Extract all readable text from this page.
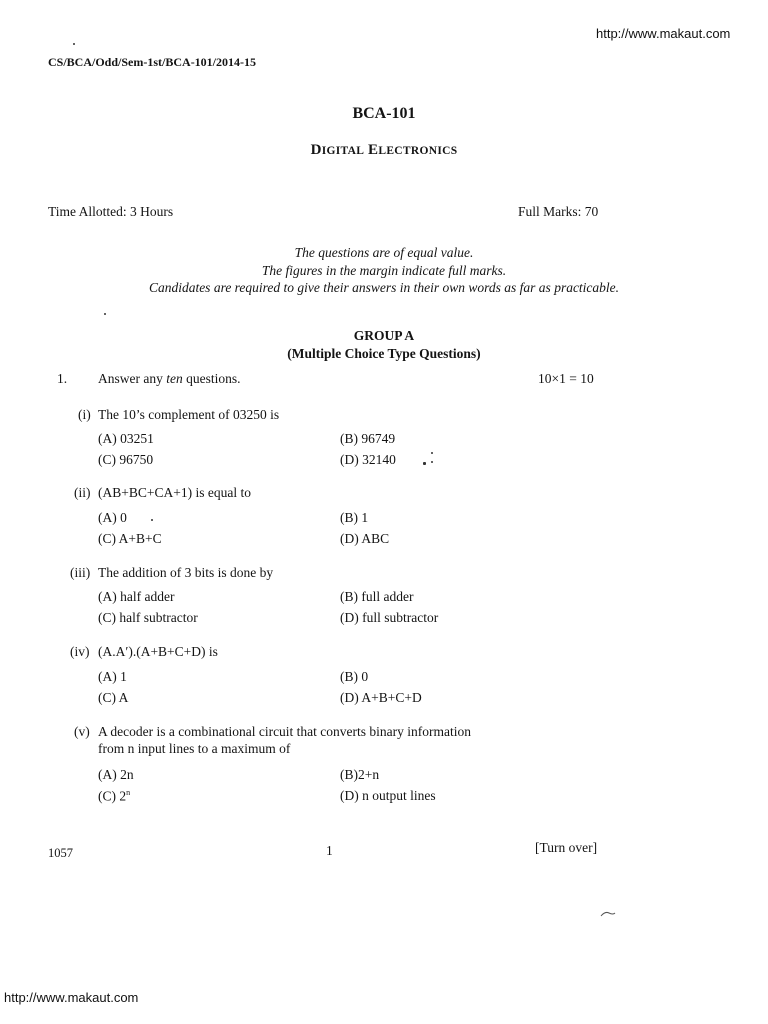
http://www.makaut.com
CS/BCA/Odd/Sem-1st/BCA-101/2014-15
BCA-101
DIGITAL ELECTRONICS
Time Allotted: 3 Hours	Full Marks: 70
The questions are of equal value.
The figures in the margin indicate full marks.
Candidates are required to give their answers in their own words as far as practicable.
GROUP A
(Multiple Choice Type Questions)
1. Answer any ten questions.	10×1 = 10
(i) The 10’s complement of 03250 is
(A) 03251	(B) 96749
(C) 96750	(D) 32140
(ii) (AB+BC+CA+1) is equal to
(A) 0	(B) 1
(C) A+B+C	(D) ABC
(iii) The addition of 3 bits is done by
(A) half adder	(B) full adder
(C) half subtractor	(D) full subtractor
(iv) (A.A′).(A+B+C+D) is
(A) 1	(B) 0
(C) A	(D) A+B+C+D
(v) A decoder is a combinational circuit that converts binary information
from n input lines to a maximum of
(A) 2n	(B)2+n
(C) 2$^n$	(D) n output lines
1057	1	[Turn over]
http://www.makaut.com
